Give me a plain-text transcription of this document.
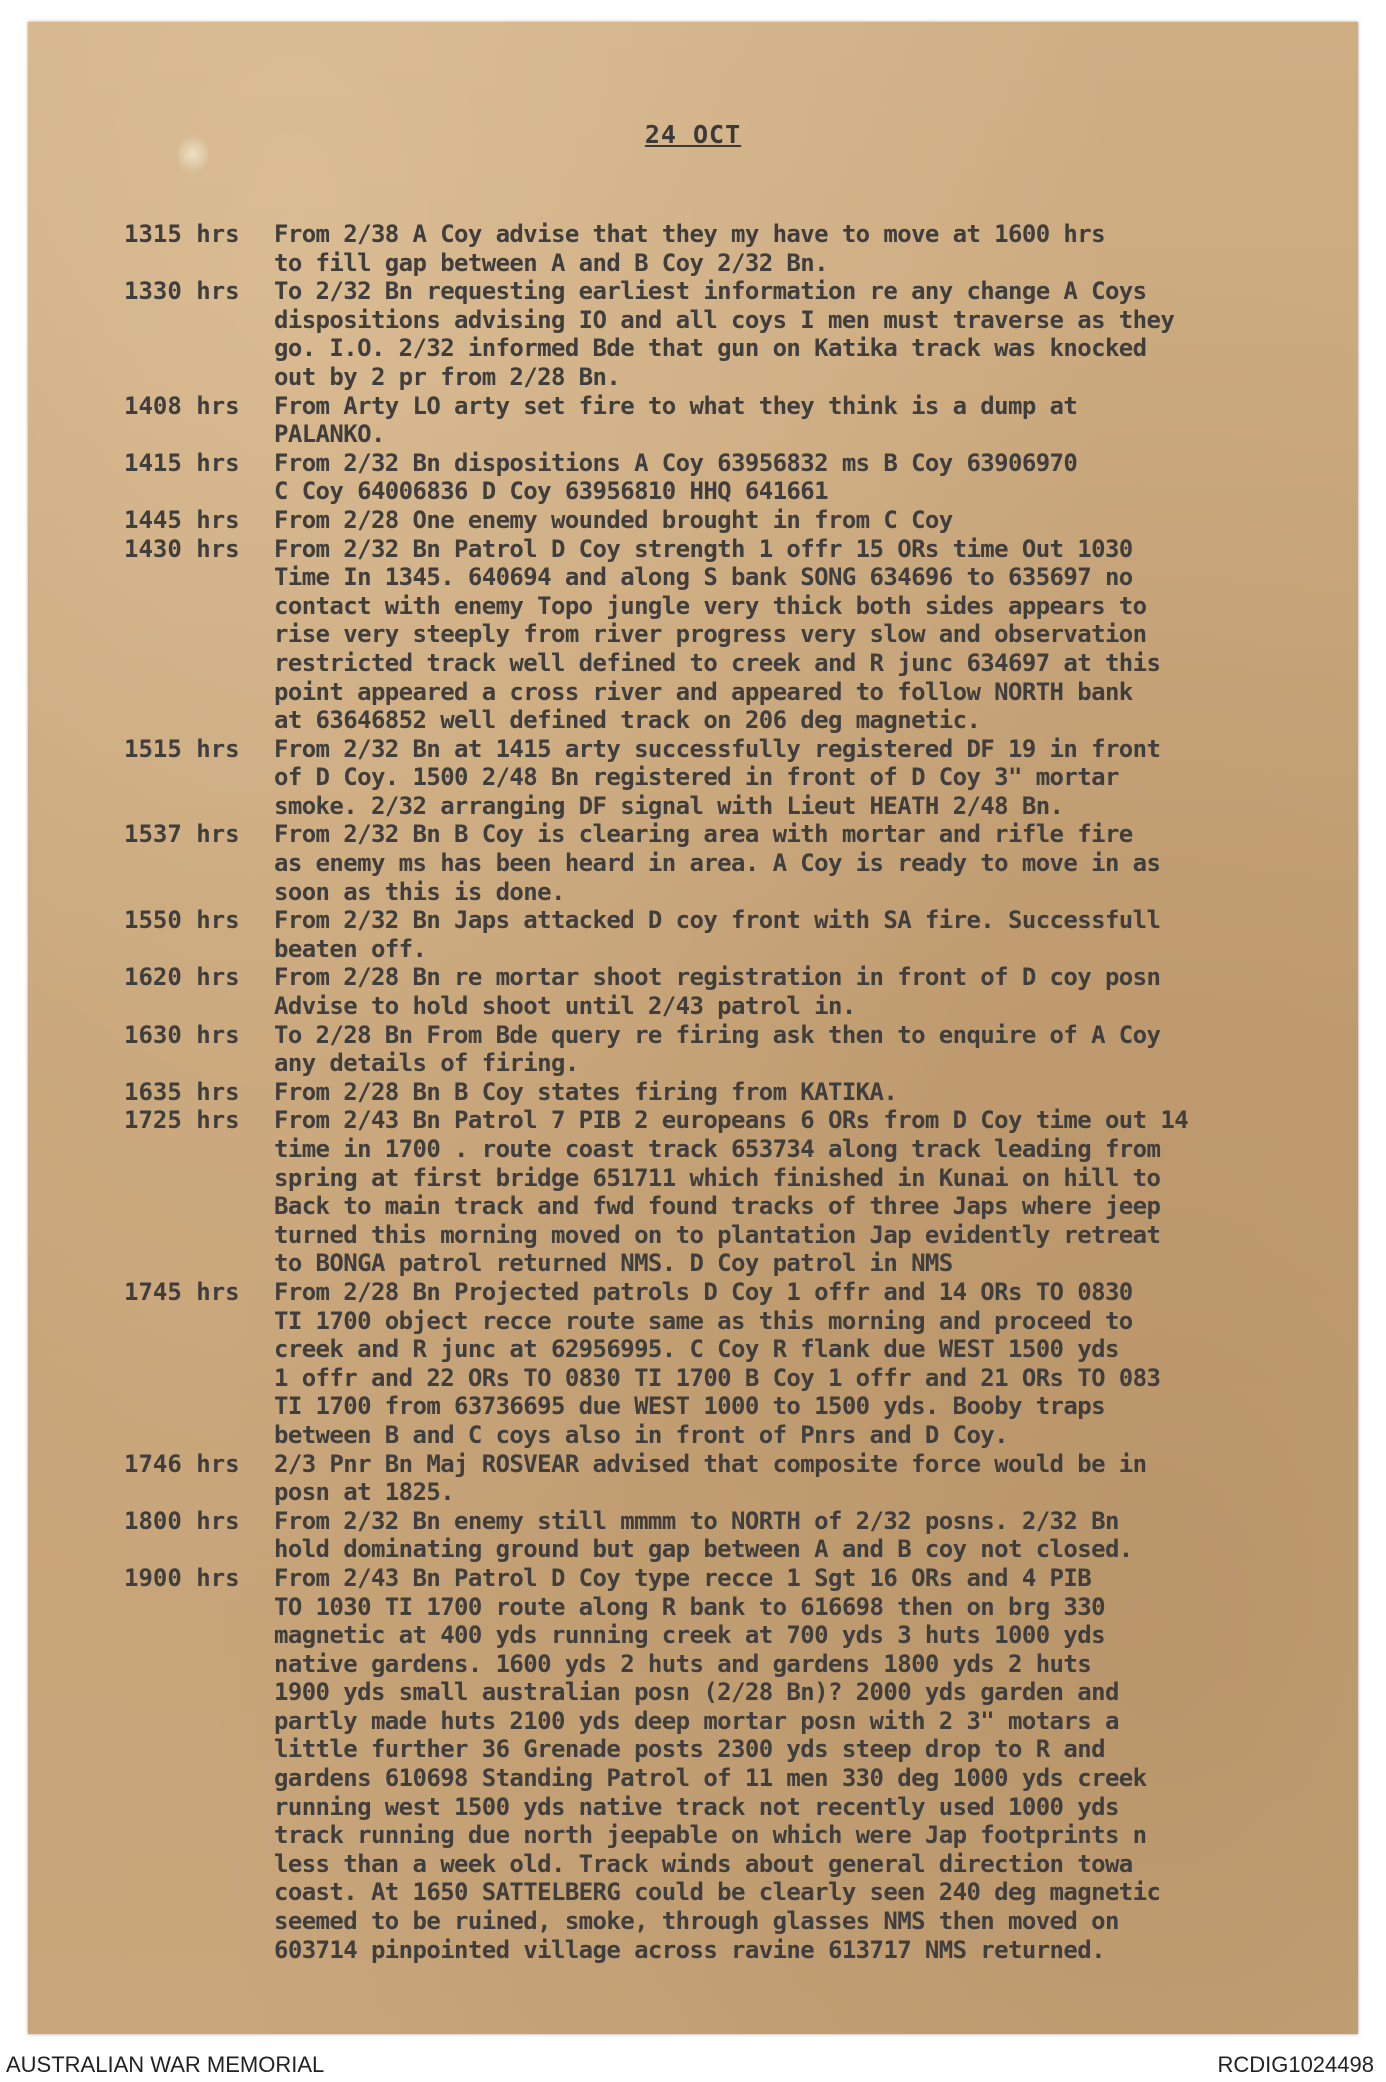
24 OCT
1315 hrs	From 2/38 A Coy advise that they my have to move at 1600 hrs
to fill gap between A and B Coy 2/32 Bn.
1330 hrs	To 2/32 Bn requesting earliest information re any change A Coys
dispositions advising IO and all coys I men must traverse as they
go. I.O. 2/32 informed Bde that gun on Katika track was knocked
out by 2 pr from 2/28 Bn.
1408 hrs	From Arty LO arty set fire to what they think is a dump at
PALANKO.
1415 hrs	From 2/32 Bn dispositions A Coy 63956832 ms B Coy 63906970
C Coy 64006836 D Coy 63956810 HHQ 641661
1445 hrs	From 2/28 One enemy wounded brought in from C Coy
1430 hrs	From 2/32 Bn Patrol D Coy strength 1 offr 15 ORs time Out 1030
Time In 1345. 640694 and along S bank SONG 634696 to 635697 no
contact with enemy Topo jungle very thick both sides appears to
rise very steeply from river progress very slow and observation
restricted track well defined to creek and R junc 634697 at this
point appeared a cross river and appeared to follow NORTH bank
at 63646852 well defined track on 206 deg magnetic.
1515 hrs	From 2/32 Bn at 1415 arty successfully registered DF 19 in front
of D Coy. 1500 2/48 Bn registered in front of D Coy 3" mortar
smoke. 2/32 arranging DF signal with Lieut HEATH 2/48 Bn.
1537 hrs	From 2/32 Bn B Coy is clearing area with mortar and rifle fire
as enemy ms has been heard in area. A Coy is ready to move in as
soon as this is done.
1550 hrs	From 2/32 Bn Japs attacked D coy front with SA fire. Successfull
beaten off.
1620 hrs	From 2/28 Bn re mortar shoot registration in front of D coy posn
Advise to hold shoot until 2/43 patrol in.
1630 hrs	To 2/28 Bn From Bde query re firing ask then to enquire of A Coy
any details of firing.
1635 hrs	From 2/28 Bn B Coy states firing from KATIKA.
1725 hrs	From 2/43 Bn Patrol 7 PIB 2 europeans 6 ORs from D Coy time out 14
time in 1700 . route coast track 653734 along track leading from
spring at first bridge 651711 which finished in Kunai on hill to
Back to main track and fwd found tracks of three Japs where jeep
turned this morning moved on to plantation Jap evidently retreat
to BONGA patrol returned NMS. D Coy patrol in NMS
1745 hrs	From 2/28 Bn Projected patrols D Coy 1 offr and 14 ORs TO 0830
TI 1700 object recce route same as this morning and proceed to
creek and R junc at 62956995. C Coy R flank due WEST 1500 yds
1 offr and 22 ORs TO 0830 TI 1700 B Coy 1 offr and 21 ORs TO 083
TI 1700 from 63736695 due WEST 1000 to 1500 yds. Booby traps
between B and C coys also in front of Pnrs and D Coy.
1746 hrs	2/3 Pnr Bn Maj ROSVEAR advised that composite force would be in
posn at 1825.
1800 hrs	From 2/32 Bn enemy still mmmm to NORTH of 2/32 posns. 2/32 Bn
hold dominating ground but gap between A and B coy not closed.
1900 hrs	From 2/43 Bn Patrol D Coy type recce 1 Sgt 16 ORs and 4 PIB
TO 1030 TI 1700 route along R bank to 616698 then on brg 330
magnetic at 400 yds running creek at 700 yds 3 huts 1000 yds
native gardens. 1600 yds 2 huts and gardens 1800 yds 2 huts
1900 yds small australian posn (2/28 Bn)? 2000 yds garden and
partly made huts 2100 yds deep mortar posn with 2 3" motars a
little further 36 Grenade posts 2300 yds steep drop to R and
gardens 610698 Standing Patrol of 11 men 330 deg 1000 yds creek
running west 1500 yds native track not recently used 1000 yds
track running due north jeepable on which were Jap footprints n
less than a week old. Track winds about general direction towa
coast. At 1650 SATTELBERG could be clearly seen 240 deg magnetic
seemed to be ruined, smoke, through glasses NMS then moved on
603714 pinpointed village across ravine 613717 NMS returned.
AUSTRALIAN WAR MEMORIAL	RCDIG1024498
